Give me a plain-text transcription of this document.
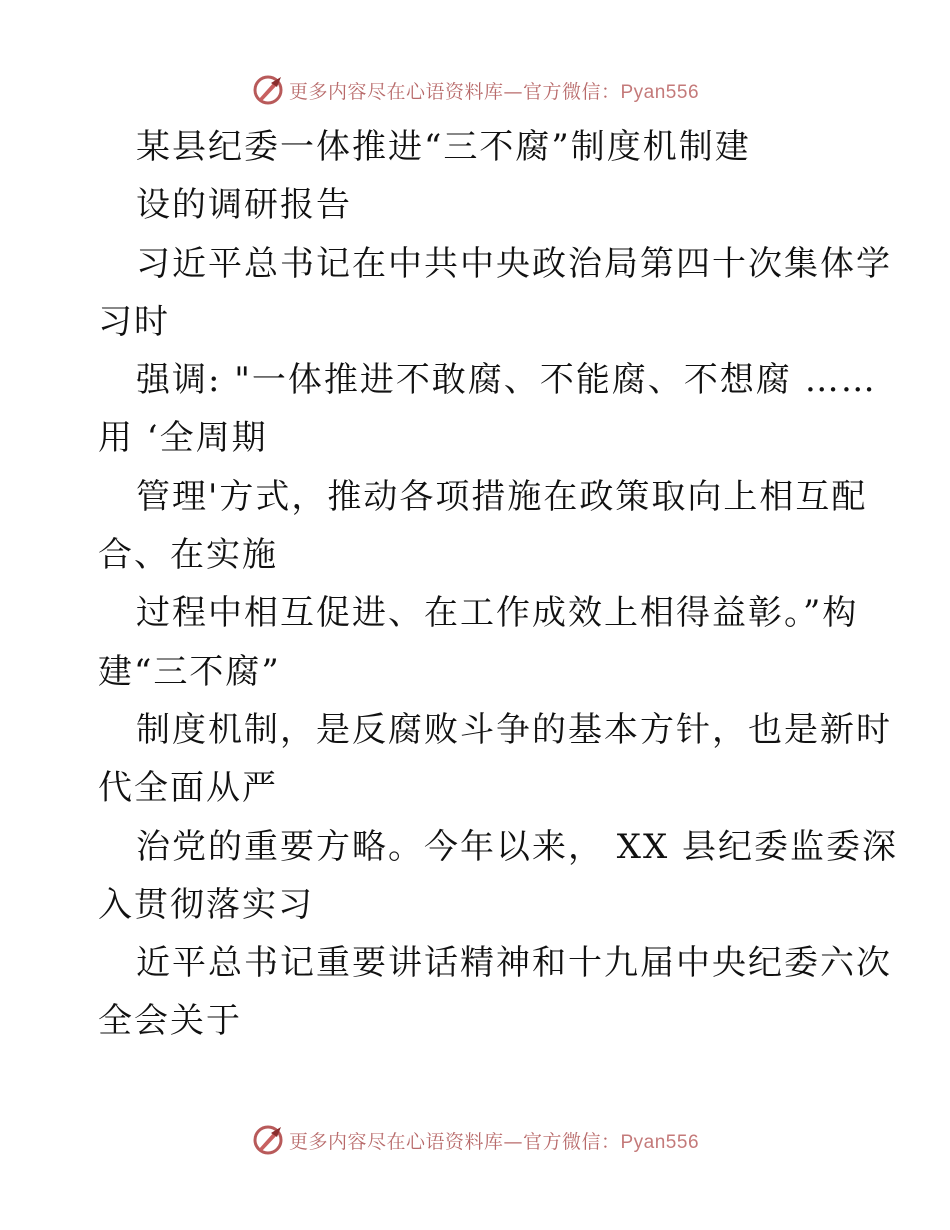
更多内容尽在心语资料库—官方微信：Pyan556
某县纪委一体推进“三不腐”制度机制建
设的调研报告
习近平总书记在中共中央政治局第四十次集体学
习时
强调: "一体推进不敢腐、不能腐、不想腐 ……
用 ‘全周期
管理'方式，推动各项措施在政策取向上相互配
合、在实施
过程中相互促进、在工作成效上相得益彰。”构
建“三不腐”
制度机制，是反腐败斗争的基本方针，也是新时
代全面从严
治党的重要方略。今年以来， XX 县纪委监委深
入贯彻落实习
近平总书记重要讲话精神和十九届中央纪委六次
全会关于
更多内容尽在心语资料库—官方微信：Pyan556
